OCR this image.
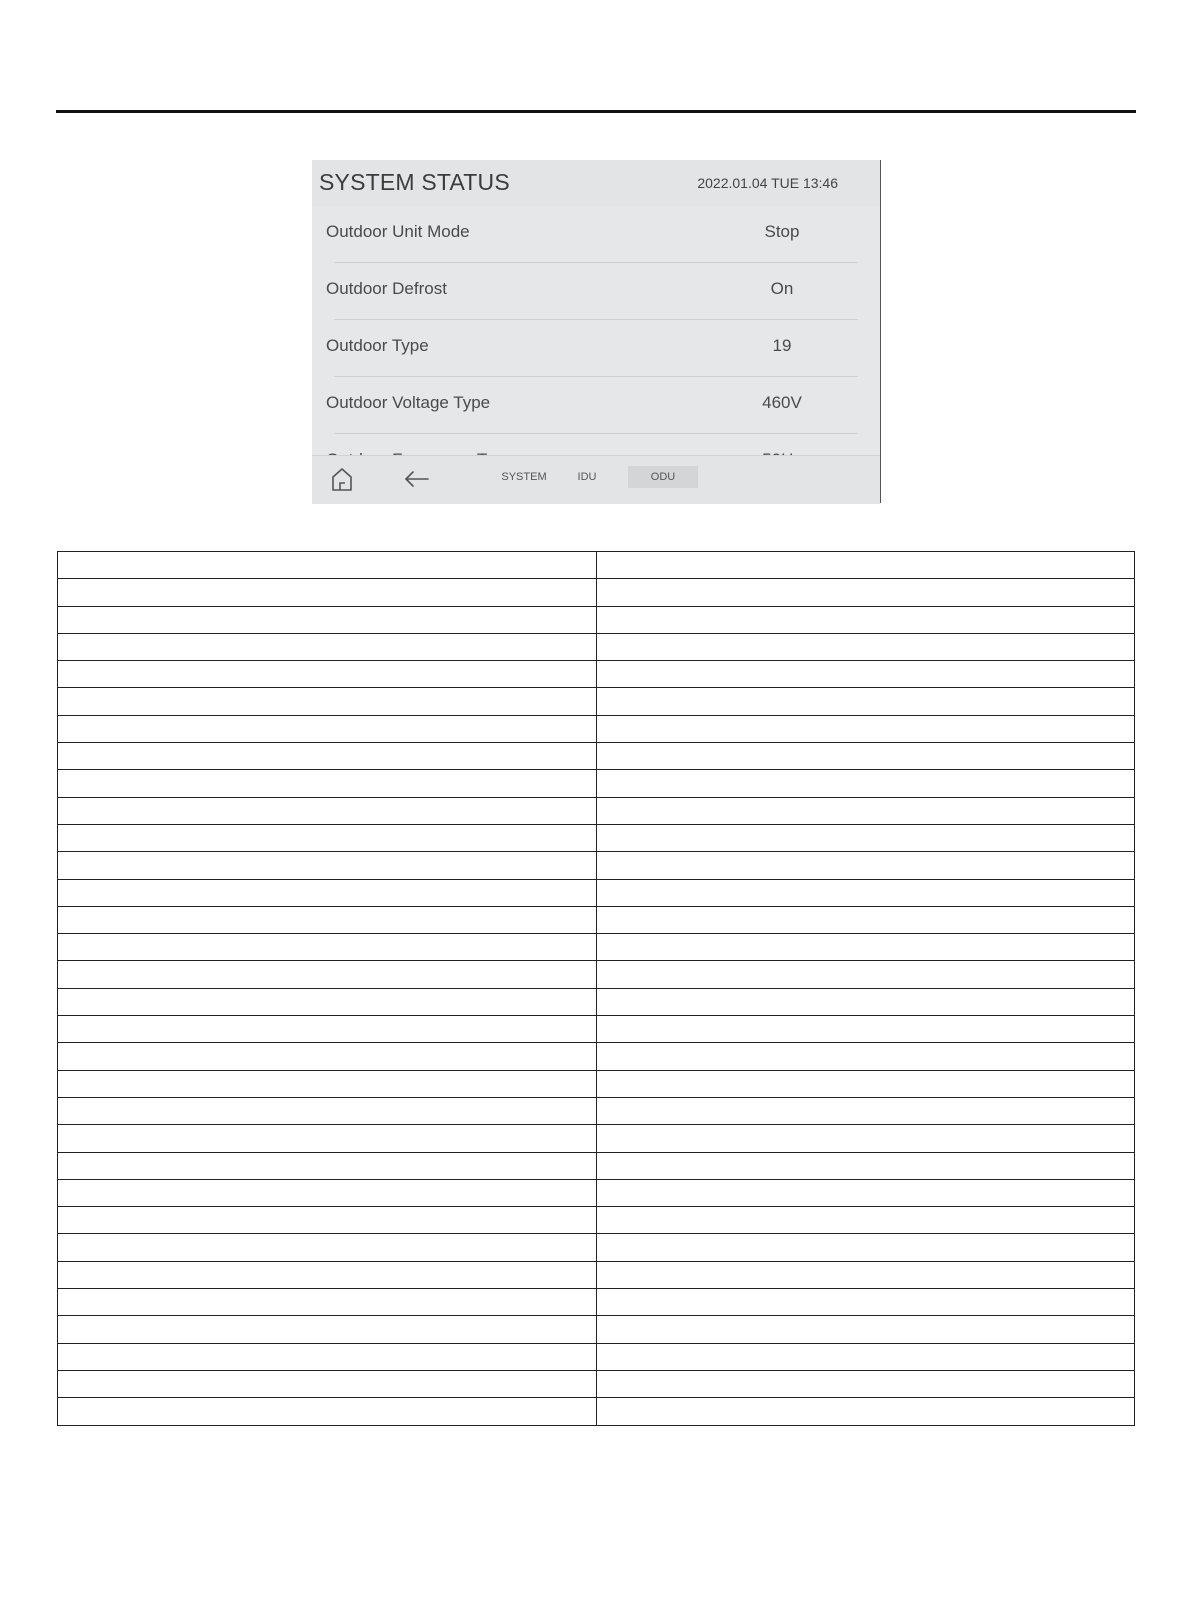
SYSTEM STATUS	2022.01.04 TUE 13:46
Outdoor Unit Mode	Stop
Outdoor Defrost	On
Outdoor Type	19
Outdoor Voltage Type	460V
SYSTEM	IDU	ODU
